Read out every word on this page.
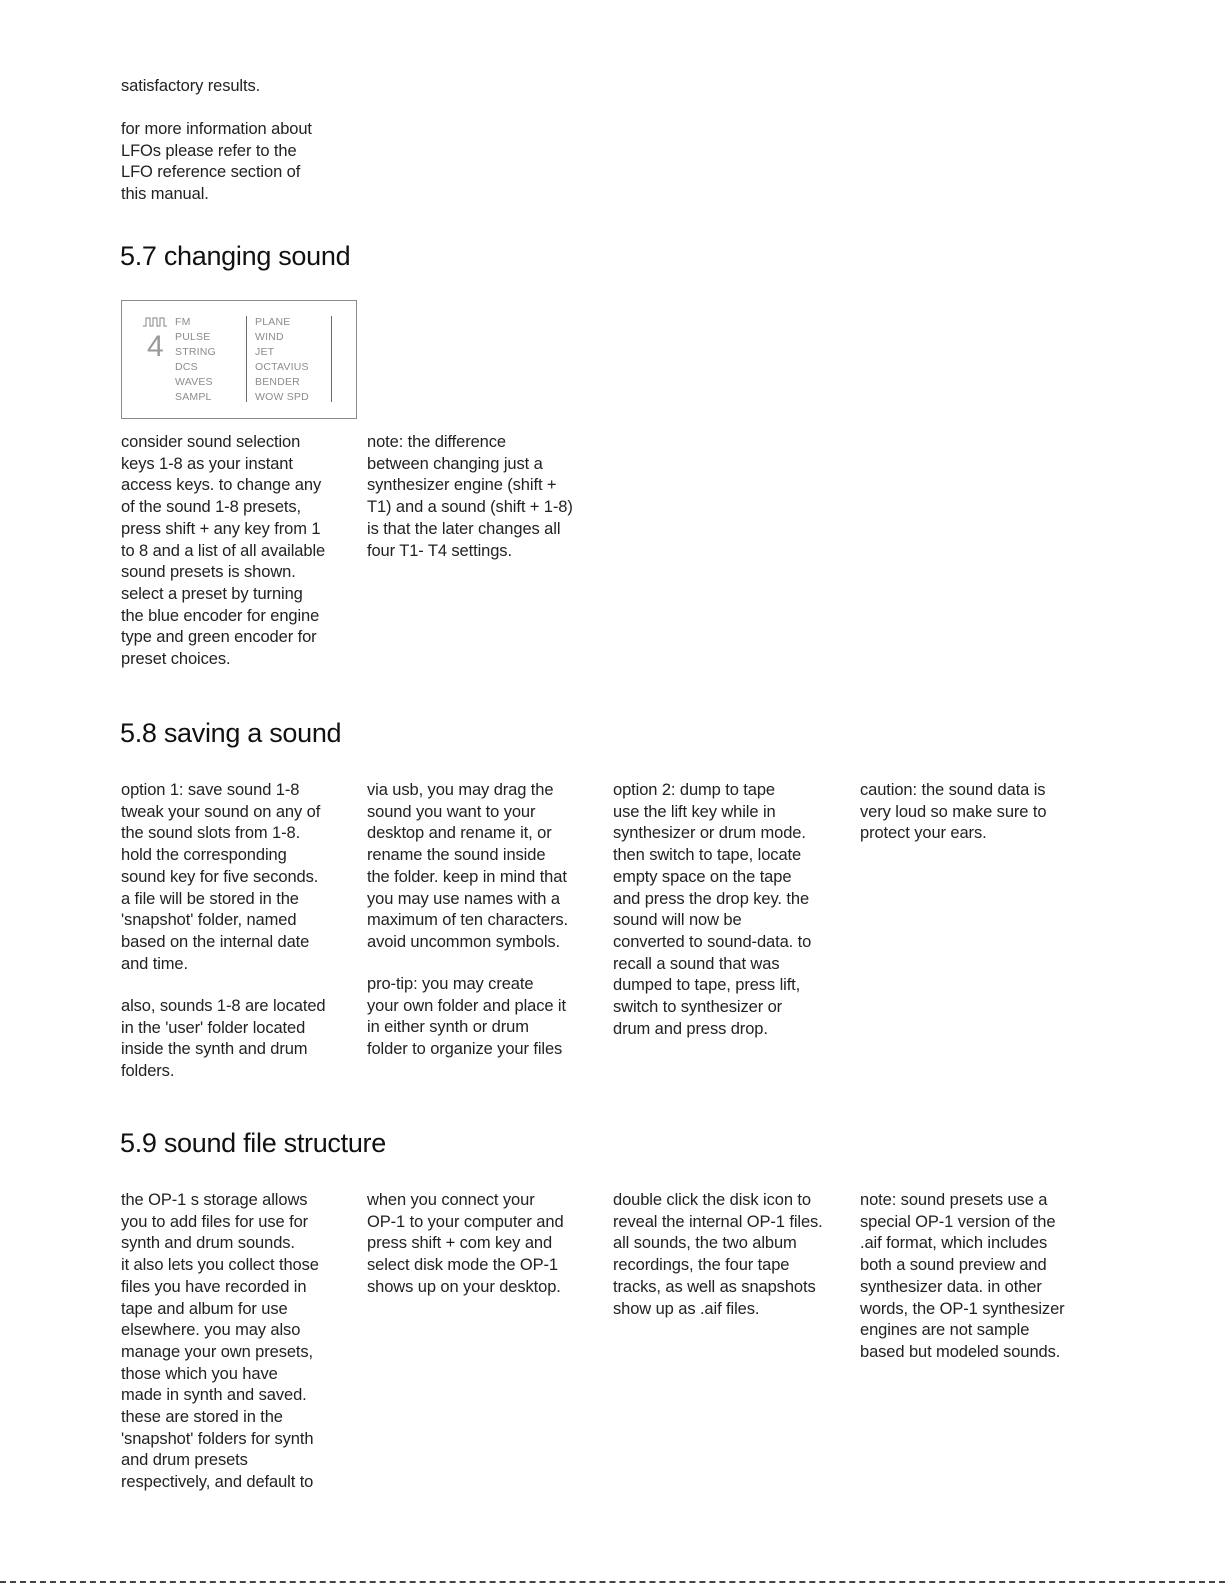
satisfactory results.

for more information about
LFOs please refer to the
LFO reference section of
this manual.

5.7 changing sound
4
FM
PULSE
STRING
DCS
WAVES
SAMPL
PLANE
WIND
JET
OCTAVIUS
BENDER
WOW SPD

consider sound selection
keys 1-8 as your instant
access keys. to change any
of the sound 1-8 presets,
press shift + any key from 1
to 8 and a list of all available
sound presets is shown.
select a preset by turning
the blue encoder for engine
type and green encoder for
preset choices.

note: the difference
between changing just a
synthesizer engine (shift +
T1) and a sound (shift + 1-8)
is that the later changes all
four T1- T4 settings.

5.8 saving a sound

option 1: save sound 1-8
tweak your sound on any of
the sound slots from 1-8.
hold the corresponding
sound key for five seconds.
a file will be stored in the
'snapshot' folder, named
based on the internal date
and time.

also, sounds 1-8 are located
in the 'user' folder located
inside the synth and drum
folders.

via usb, you may drag the
sound you want to your
desktop and rename it, or
rename the sound inside
the folder. keep in mind that
you may use names with a
maximum of ten characters.
avoid uncommon symbols.

pro-tip: you may create
your own folder and place it
in either synth or drum
folder to organize your files

option 2: dump to tape
use the lift key while in
synthesizer or drum mode.
then switch to tape, locate
empty space on the tape
and press the drop key. the
sound will now be
converted to sound-data. to
recall a sound that was
dumped to tape, press lift,
switch to synthesizer or
drum and press drop.

caution: the sound data is
very loud so make sure to
protect your ears.

5.9 sound file structure

the OP-1 s storage allows
you to add files for use for
synth and drum sounds.
it also lets you collect those
files you have recorded in
tape and album for use
elsewhere. you may also
manage your own presets,
those which you have
made in synth and saved.
these are stored in the
'snapshot' folders for synth
and drum presets
respectively, and default to

when you connect your
OP-1 to your computer and
press shift + com key and
select disk mode the OP-1
shows up on your desktop.

double click the disk icon to
reveal the internal OP-1 files.
all sounds, the two album
recordings, the four tape
tracks, as well as snapshots
show up as .aif files.

note: sound presets use a
special OP-1 version of the
.aif format, which includes
both a sound preview and
synthesizer data. in other
words, the OP-1 synthesizer
engines are not sample
based but modeled sounds.
